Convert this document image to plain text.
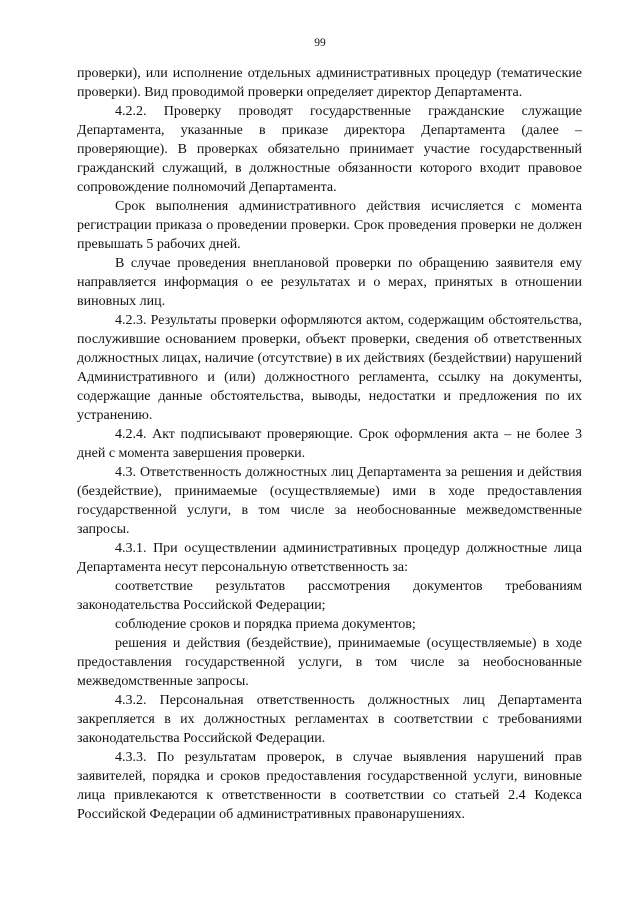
99

проверки), или исполнение отдельных административных процедур (тематические проверки). Вид проводимой проверки определяет директор Департамента.

4.2.2. Проверку проводят государственные гражданские служащие Департамента, указанные в приказе директора Департамента (далее – проверяющие). В проверках обязательно принимает участие государственный гражданский служащий, в должностные обязанности которого входит правовое сопровождение полномочий Департамента.

Срок выполнения административного действия исчисляется с момента регистрации приказа о проведении проверки. Срок проведения проверки не должен превышать 5 рабочих дней.

В случае проведения внеплановой проверки по обращению заявителя ему направляется информация о ее результатах и о мерах, принятых в отношении виновных лиц.

4.2.3. Результаты проверки оформляются актом, содержащим обстоятельства, послужившие основанием проверки, объект проверки, сведения об ответственных должностных лицах, наличие (отсутствие) в их действиях (бездействии) нарушений Административного и (или) должностного регламента, ссылку на документы, содержащие данные обстоятельства, выводы, недостатки и предложения по их устранению.

4.2.4. Акт подписывают проверяющие. Срок оформления акта – не более 3 дней с момента завершения проверки.

4.3. Ответственность должностных лиц Департамента за решения и действия (бездействие), принимаемые (осуществляемые) ими в ходе предоставления государственной услуги, в том числе за необоснованные межведомственные запросы.

4.3.1. При осуществлении административных процедур должностные лица Департамента несут персональную ответственность за:

соответствие результатов рассмотрения документов требованиям законодательства Российской Федерации;

соблюдение сроков и порядка приема документов;

решения и действия (бездействие), принимаемые (осуществляемые) в ходе предоставления государственной услуги, в том числе за необоснованные межведомственные запросы.

4.3.2. Персональная ответственность должностных лиц Департамента закрепляется в их должностных регламентах в соответствии с требованиями законодательства Российской Федерации.

4.3.3. По результатам проверок, в случае выявления нарушений прав заявителей, порядка и сроков предоставления государственной услуги, виновные лица привлекаются к ответственности в соответствии со статьей 2.4 Кодекса Российской Федерации об административных правонарушениях.
